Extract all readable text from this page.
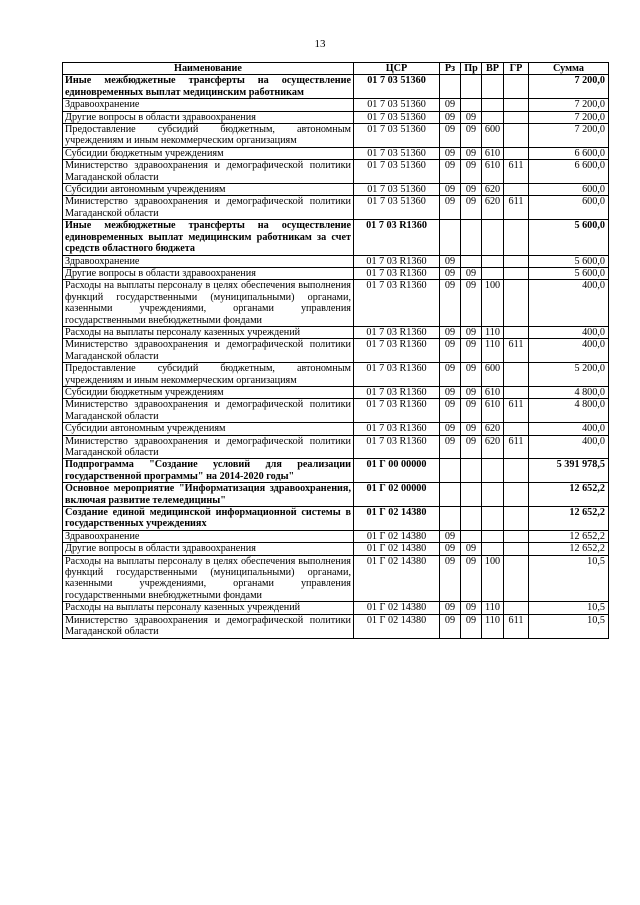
13
Наименование	ЦСР	Рз	Пр	ВР	ГР	Сумма
Иные межбюджетные трансферты на осуществление единовременных выплат медицинским работникам	01 7 03 51360					7 200,0
Здравоохранение	01 7 03 51360	09				7 200,0
Другие вопросы в области здравоохранения	01 7 03 51360	09	09			7 200,0
Предоставление субсидий бюджетным, автономным учреждениям и иным некоммерческим организациям	01 7 03 51360	09	09	600		7 200,0
Субсидии бюджетным учреждениям	01 7 03 51360	09	09	610		6 600,0
Министерство здравоохранения и демографической политики Магаданской области	01 7 03 51360	09	09	610	611	6 600,0
Субсидии автономным учреждениям	01 7 03 51360	09	09	620		600,0
Министерство здравоохранения и демографической политики Магаданской области	01 7 03 51360	09	09	620	611	600,0
Иные межбюджетные трансферты на осуществление единовременных выплат медицинским работникам за счет средств областного бюджета	01 7 03 R1360					5 600,0
Здравоохранение	01 7 03 R1360	09				5 600,0
Другие вопросы в области здравоохранения	01 7 03 R1360	09	09			5 600,0
Расходы на выплаты персоналу в целях обеспечения выполнения функций государственными (муниципальными) органами, казенными учреждениями, органами управления государственными внебюджетными фондами	01 7 03 R1360	09	09	100		400,0
Расходы на выплаты персоналу казенных учреждений	01 7 03 R1360	09	09	110		400,0
Министерство здравоохранения и демографической политики Магаданской области	01 7 03 R1360	09	09	110	611	400,0
Предоставление субсидий бюджетным, автономным учреждениям и иным некоммерческим организациям	01 7 03 R1360	09	09	600		5 200,0
Субсидии бюджетным учреждениям	01 7 03 R1360	09	09	610		4 800,0
Министерство здравоохранения и демографической политики Магаданской области	01 7 03 R1360	09	09	610	611	4 800,0
Субсидии автономным учреждениям	01 7 03 R1360	09	09	620		400,0
Министерство здравоохранения и демографической политики Магаданской области	01 7 03 R1360	09	09	620	611	400,0
Подпрограмма "Создание условий для реализации государственной программы" на 2014-2020 годы"	01 Г 00 00000					5 391 978,5
Основное мероприятие "Информатизация здравоохранения, включая развитие телемедицины"	01 Г 02 00000					12 652,2
Создание единой медицинской информационной системы в государственных учреждениях	01 Г 02 14380					12 652,2
Здравоохранение	01 Г 02 14380	09				12 652,2
Другие вопросы в области здравоохранения	01 Г 02 14380	09	09			12 652,2
Расходы на выплаты персоналу в целях обеспечения выполнения функций государственными (муниципальными) органами, казенными учреждениями, органами управления государственными внебюджетными фондами	01 Г 02 14380	09	09	100		10,5
Расходы на выплаты персоналу казенных учреждений	01 Г 02 14380	09	09	110		10,5
Министерство здравоохранения и демографической политики Магаданской области	01 Г 02 14380	09	09	110	611	10,5
